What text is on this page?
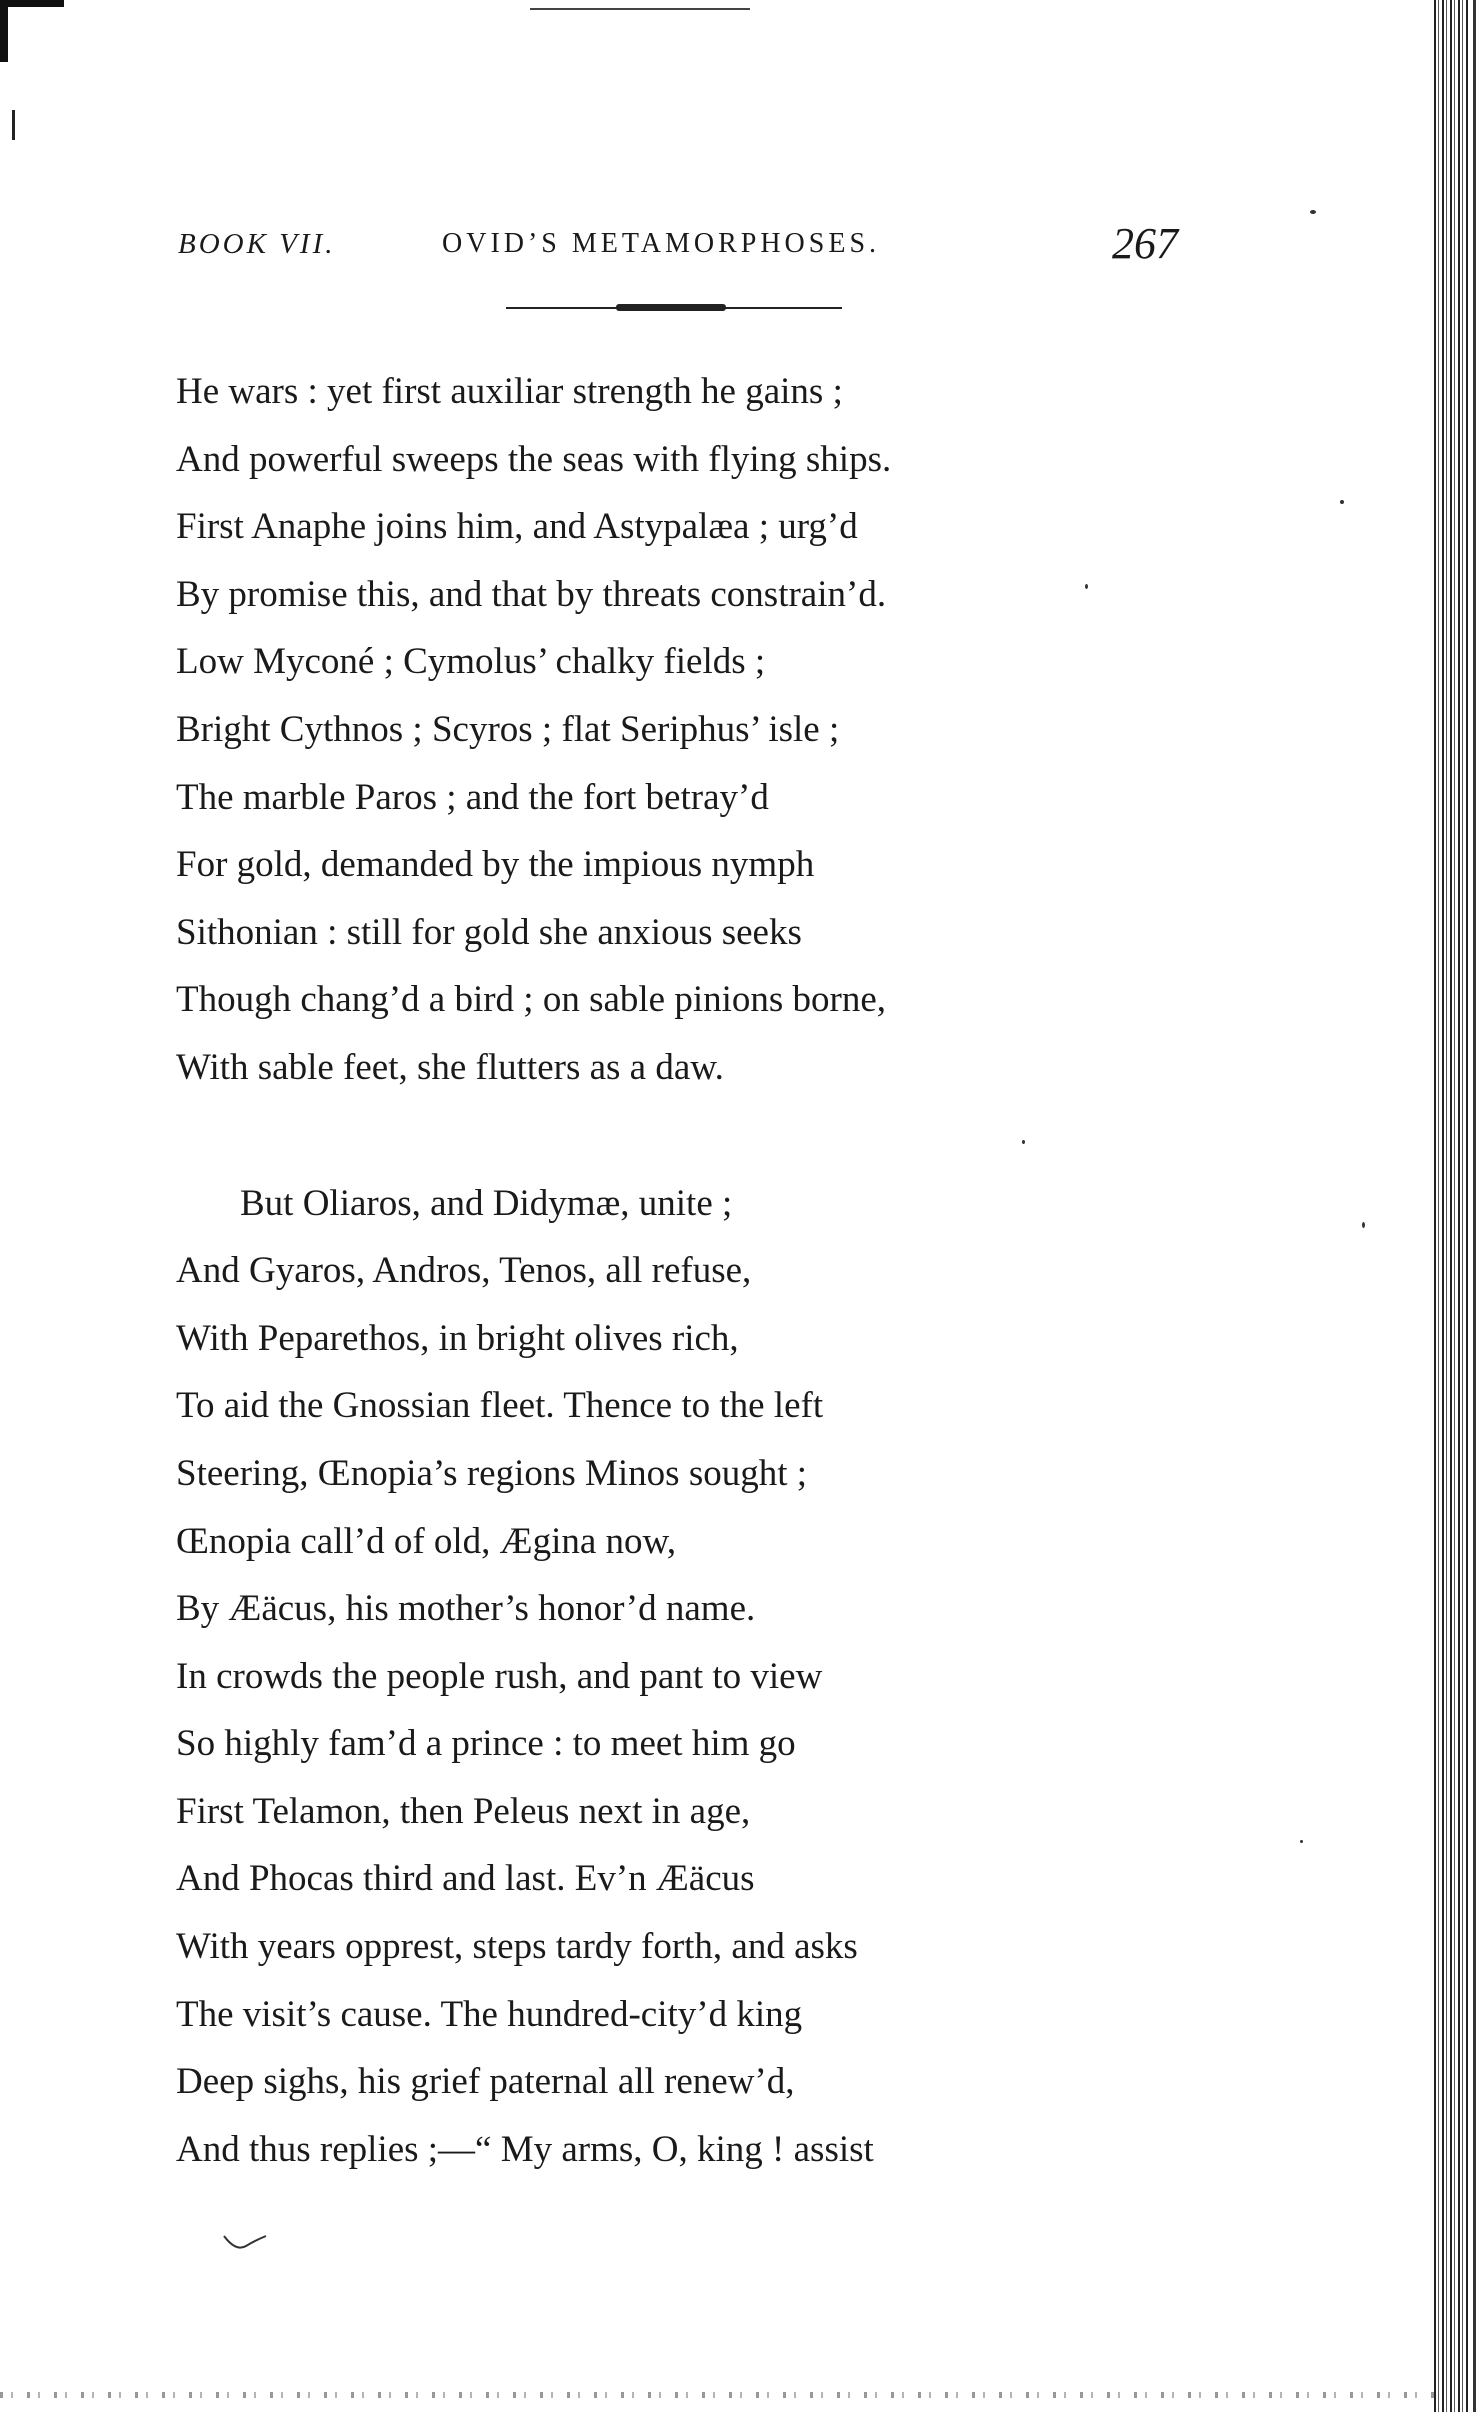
BOOK VII.	OVID’S METAMORPHOSES.	267
He wars : yet first auxiliar strength he gains ;
And powerful sweeps the seas with flying ships.
First Anaphe joins him, and Astypalæa ; urg’d
By promise this, and that by threats constrain’d.
Low Myconé ; Cymolus’ chalky fields ;
Bright Cythnos ; Scyros ; flat Seriphus’ isle ;
The marble Paros ; and the fort betray’d
For gold, demanded by the impious nymph
Sithonian : still for gold she anxious seeks
Though chang’d a bird ; on sable pinions borne,
With sable feet, she flutters as a daw.
But Oliaros, and Didymæ, unite ;
And Gyaros, Andros, Tenos, all refuse,
With Peparethos, in bright olives rich,
To aid the Gnossian fleet. Thence to the left
Steering, Œnopia’s regions Minos sought ;
Œnopia call’d of old, Ægina now,
By Æäcus, his mother’s honor’d name.
In crowds the people rush, and pant to view
So highly fam’d a prince : to meet him go
First Telamon, then Peleus next in age,
And Phocas third and last. Ev’n Æäcus
With years opprest, steps tardy forth, and asks
The visit’s cause. The hundred-city’d king
Deep sighs, his grief paternal all renew’d,
And thus replies ;—“ My arms, O, king ! assist
